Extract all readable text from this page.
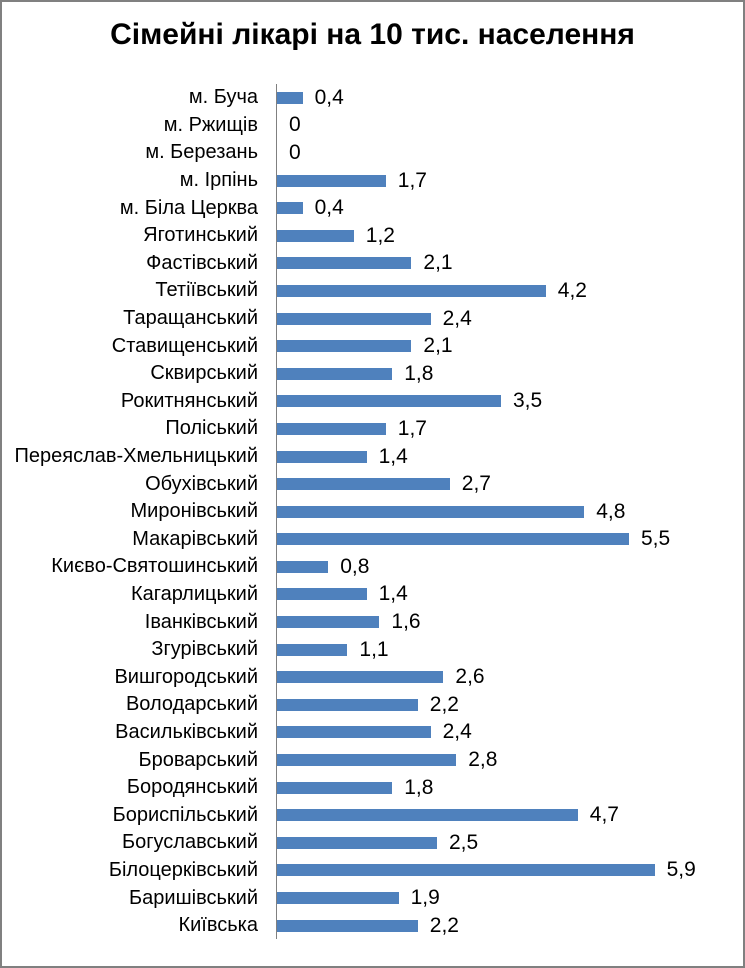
Сімейні лікарі на 10 тис. населення
м. Буча	0,4
м. Ржищів	0
м. Березань	0
м. Ірпінь	1,7
м. Біла Церква	0,4
Яготинський	1,2
Фастівський	2,1
Тетіївський	4,2
Таращанський	2,4
Ставищенський	2,1
Сквирський	1,8
Рокитнянський	3,5
Поліський	1,7
Переяслав-Хмельницький	1,4
Обухівський	2,7
Миронівський	4,8
Макарівський	5,5
Києво-Святошинський	0,8
Кагарлицький	1,4
Іванківський	1,6
Згурівський	1,1
Вишгородський	2,6
Володарський	2,2
Васильківський	2,4
Броварський	2,8
Бородянський	1,8
Бориспільський	4,7
Богуславський	2,5
Білоцерківський	5,9
Баришівський	1,9
Київська	2,2
